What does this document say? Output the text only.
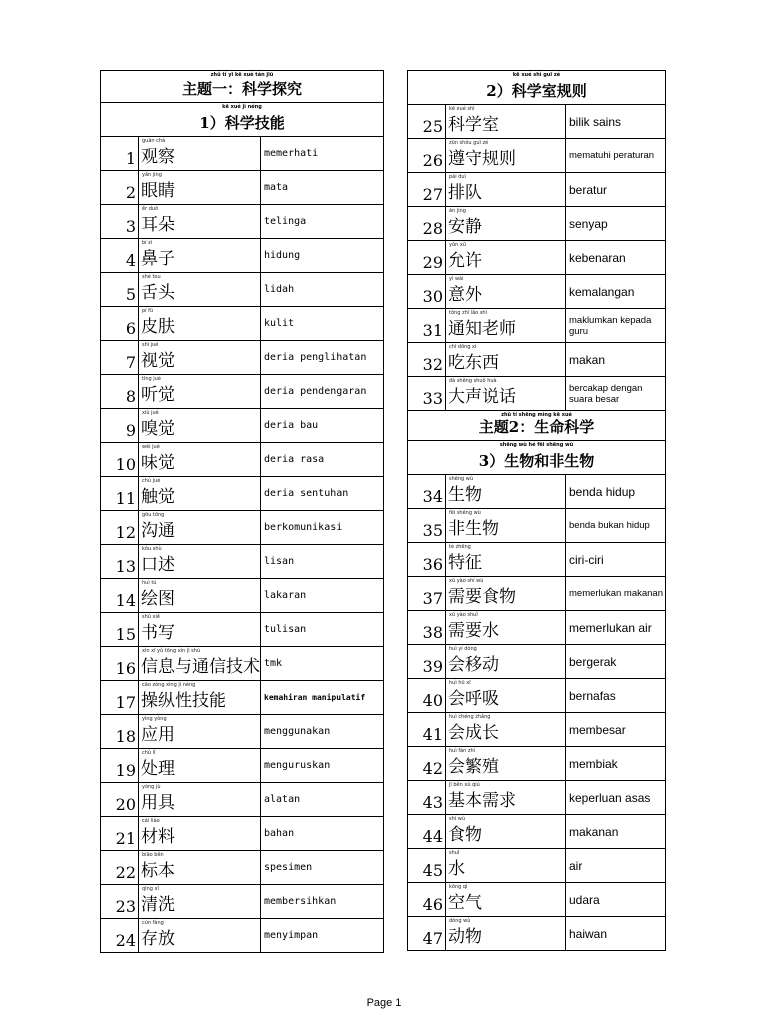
zhǔ tí yī kē xué tàn jiū
主题一：科学探究
kē xué jì néng
1）科学技能
1
guān chá
观察	memerhati
2
yǎn jing
眼睛	mata
3
ěr duǒ
耳朵	telinga
4
bí zi
鼻子	hidung
5
shé tou
舌头	lidah
6
pí fū
皮肤	kulit
7
shì jué
视觉	deria penglihatan
8
tīng jué
听觉	deria pendengaran
9
xiù jué
嗅觉	deria bau
10
wèi jué
味觉	deria rasa
11
chù jué
触觉	deria sentuhan
12
gōu tōng
沟通	berkomunikasi
13
kǒu shù
口述	lisan
14
huì tú
绘图	lakaran
15
shū xiě
书写	tulisan
16
xìn xī yǔ tōng xìn jì shù
信息与通信技术 tmk
17
cāo zòng xìng jì néng
操纵性技能	kemahiran manipulatif
18
yìng yòng
应用	menggunakan
19
chǔ lǐ
处理	menguruskan
20
yòng jù
用具	alatan
21
cái liào
材料	bahan
22
biāo běn
标本	spesimen
23
qīng xǐ
清洗	membersihkan
24
cún fàng
存放	menyimpan
kē xué shì guī zé
2）科学室规则
25
kē xué shì
科学室	bilik sains
26
zūn shǒu guī zé
遵守规则	mematuhi peraturan
27
pái duì
排队	beratur
28
ān jìng
安静	senyap
29
yǔn xǔ
允许	kebenaran
30
yì wài
意外	kemalangan
31
tōng zhī lǎo shī
通知老师	maklumkan kepada guru
32
chī dōng xi
吃东西	makan
33
dà shēng shuō huà
大声说话	bercakap dengan suara besar
zhǔ tí shēng mìng kē xué
主题2：生命科学
shēng wù hé fēi shēng wù
3）生物和非生物
34
shēng wù
生物	benda hidup
35
fēi shēng wù
非生物	benda bukan hidup
36
tè zhēng
特征	ciri-ciri
37
xū yào shí wù
需要食物	memerlukan makanan
38
xū yào shuǐ
需要水	memerlukan air
39
huì yí dòng
会移动	bergerak
40
huì hū xī
会呼吸	bernafas
41
huì chéng zhǎng
会成长	membesar
42
huì fán zhí
会繁殖	membiak
43
jī běn xū qiú
基本需求	keperluan asas
44
shí wù
食物	makanan
45
shuǐ
水	air
46
kōng qì
空气	udara
47
dòng wù
动物	haiwan
Page 1
